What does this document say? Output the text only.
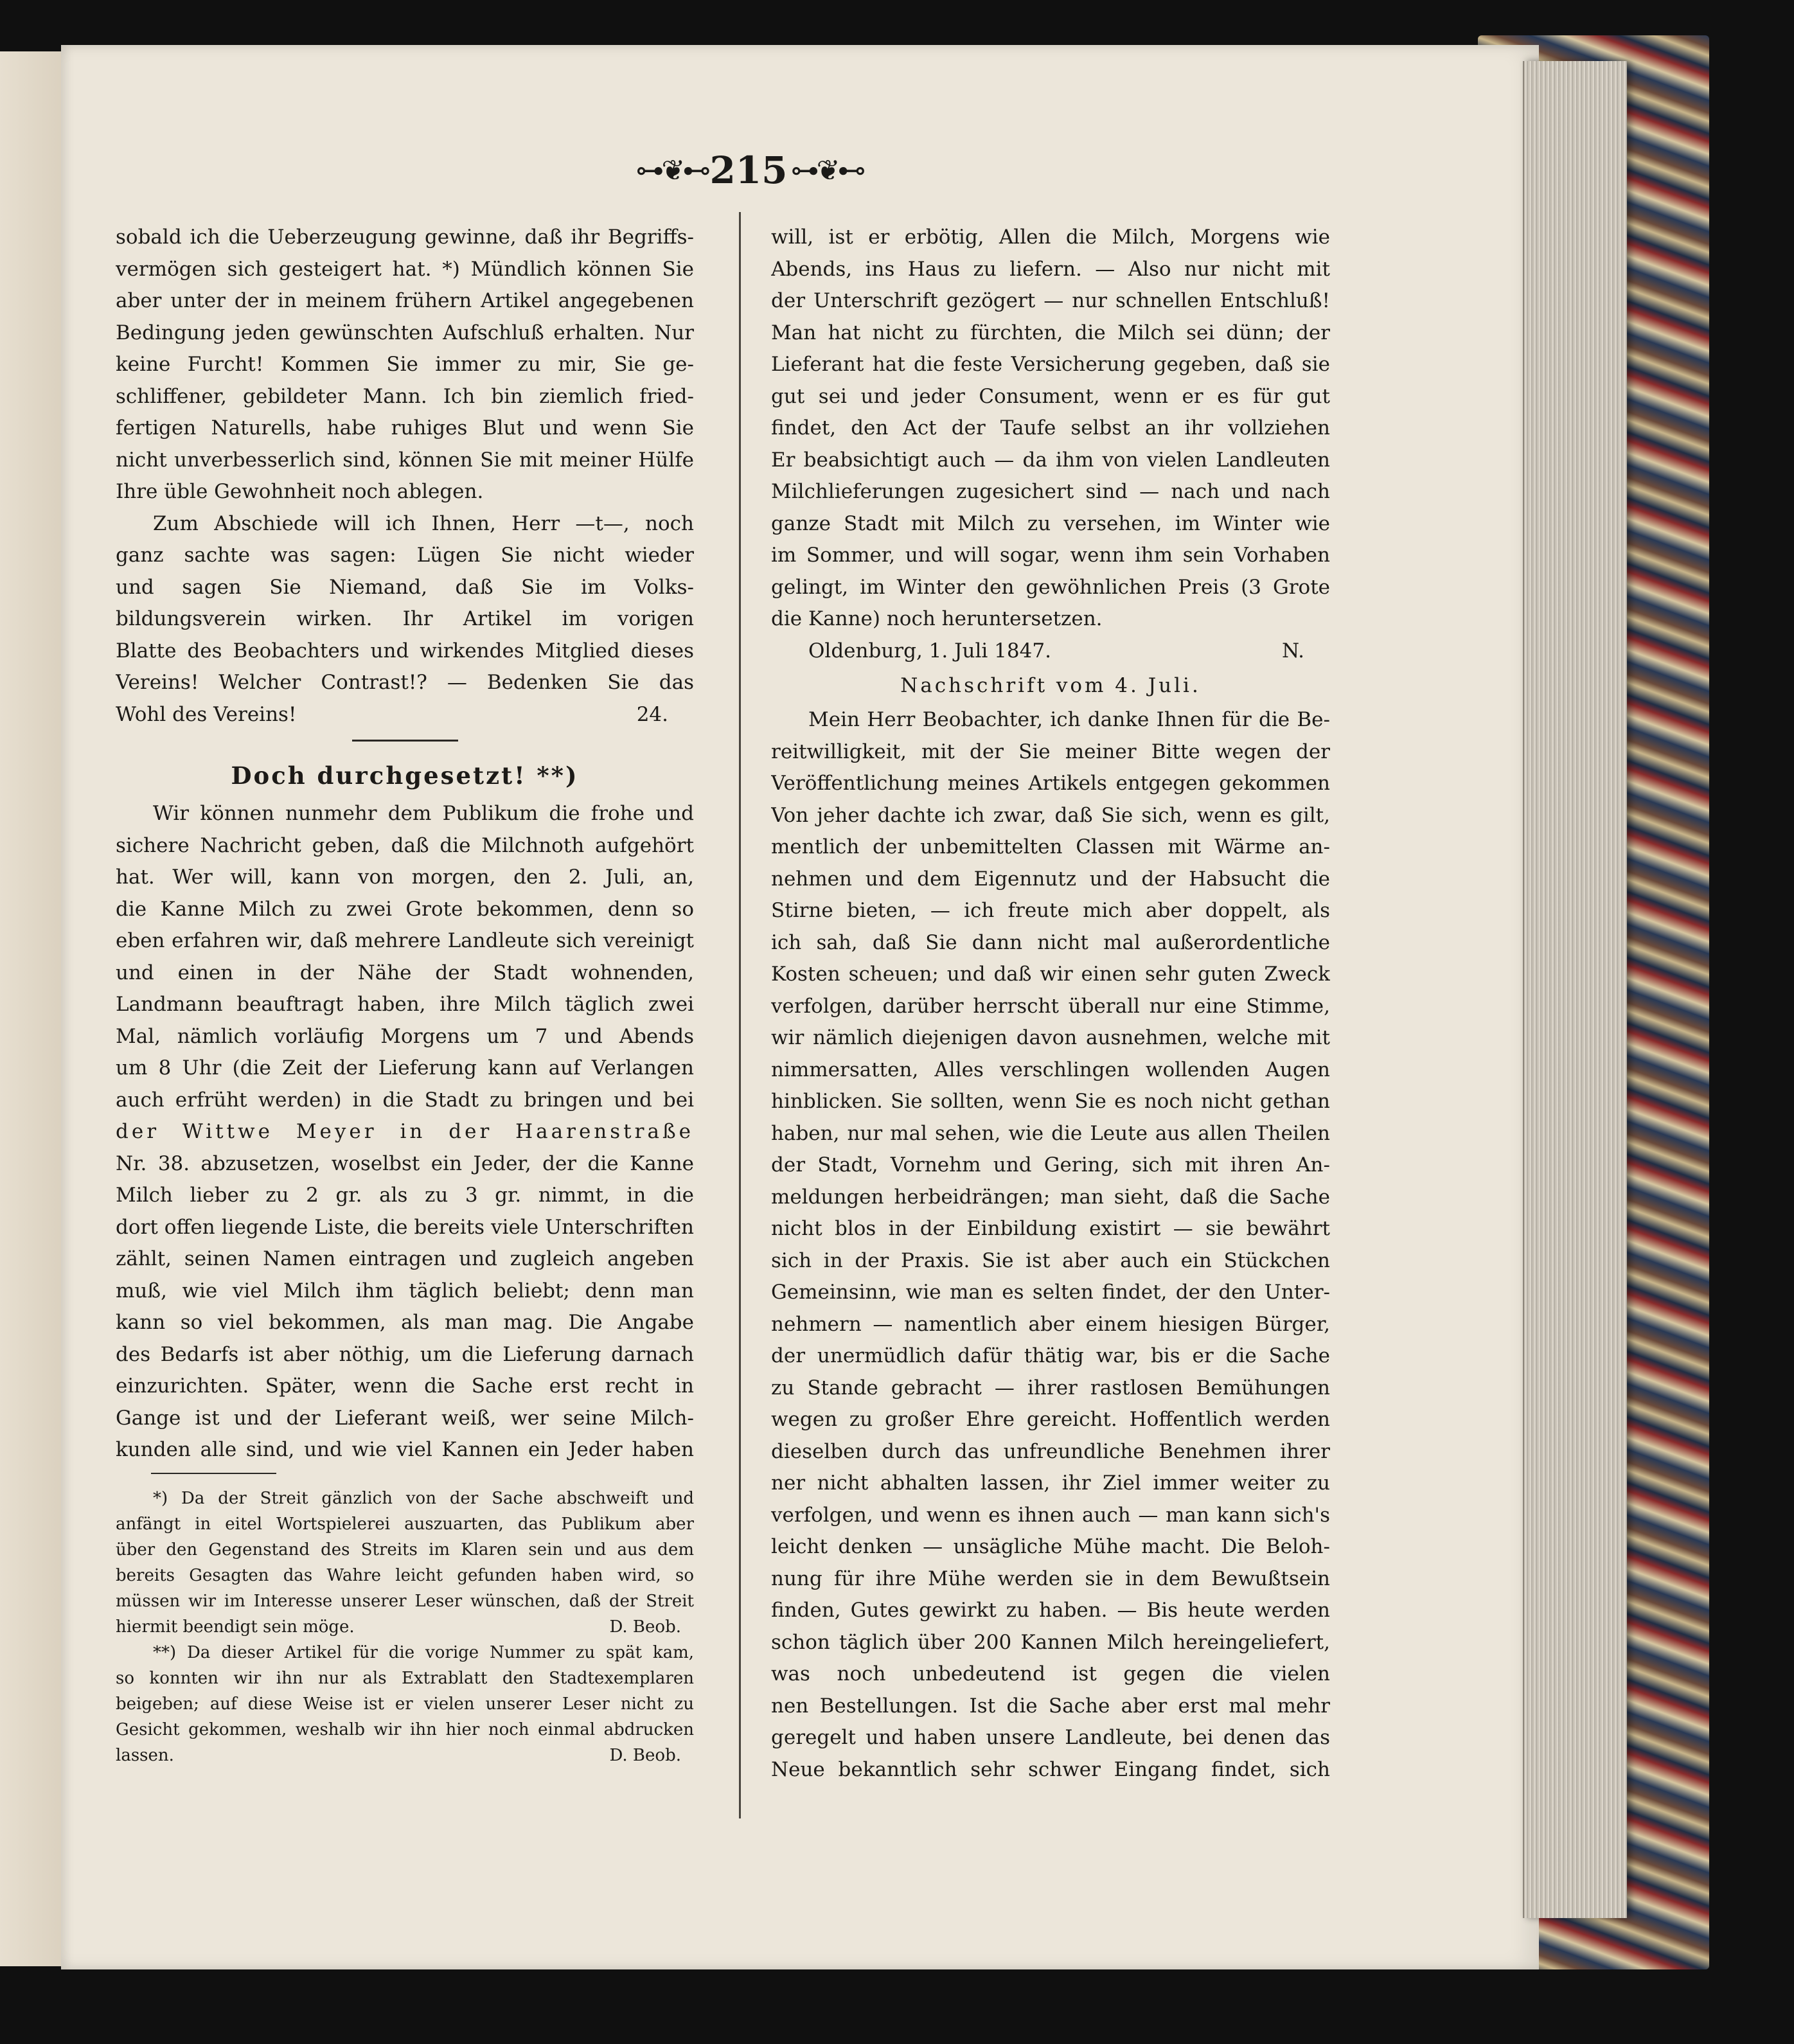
⊶❦⊷ 215 ⊶❦⊷
sobald ich die Ueberzeugung gewinne, daß ihr Begriffs-
vermögen sich gesteigert hat. *) Mündlich können Sie
aber unter der in meinem frühern Artikel angegebenen
Bedingung jeden gewünschten Aufschluß erhalten. Nur
keine Furcht! Kommen Sie immer zu mir, Sie ge-
schliffener, gebildeter Mann. Ich bin ziemlich fried-
fertigen Naturells, habe ruhiges Blut und wenn Sie
nicht unverbesserlich sind, können Sie mit meiner Hülfe
Ihre üble Gewohnheit noch ablegen.
Zum Abschiede will ich Ihnen, Herr —t—, noch
ganz sachte was sagen: Lügen Sie nicht wieder
und sagen Sie Niemand, daß Sie im Volks-
bildungsverein wirken. Ihr Artikel im vorigen
Blatte des Beobachters und wirkendes Mitglied dieses
Vereins! Welcher Contrast!? — Bedenken Sie das
Wohl des Vereins!	24.
Doch durchgesetzt! **)
Wir können nunmehr dem Publikum die frohe und
sichere Nachricht geben, daß die Milchnoth aufgehört
hat. Wer will, kann von morgen, den 2. Juli, an,
die Kanne Milch zu zwei Grote bekommen, denn so
eben erfahren wir, daß mehrere Landleute sich vereinigt
und einen in der Nähe der Stadt wohnenden,
Landmann beauftragt haben, ihre Milch täglich zwei
Mal, nämlich vorläufig Morgens um 7 und Abends
um 8 Uhr (die Zeit der Lieferung kann auf Verlangen
auch erfrüht werden) in die Stadt zu bringen und bei
der Wittwe Meyer in der Haarenstraße
Nr. 38. abzusetzen, woselbst ein Jeder, der die Kanne
Milch lieber zu 2 gr. als zu 3 gr. nimmt, in die
dort offen liegende Liste, die bereits viele Unterschriften
zählt, seinen Namen eintragen und zugleich angeben
muß, wie viel Milch ihm täglich beliebt; denn man
kann so viel bekommen, als man mag. Die Angabe
des Bedarfs ist aber nöthig, um die Lieferung darnach
einzurichten. Später, wenn die Sache erst recht in
Gange ist und der Lieferant weiß, wer seine Milch-
kunden alle sind, und wie viel Kannen ein Jeder haben
*) Da der Streit gänzlich von der Sache abschweift und
anfängt in eitel Wortspielerei auszuarten, das Publikum aber
über den Gegenstand des Streits im Klaren sein und aus dem
bereits Gesagten das Wahre leicht gefunden haben wird, so
müssen wir im Interesse unserer Leser wünschen, daß der Streit
hiermit beendigt sein möge.	D. Beob.
**) Da dieser Artikel für die vorige Nummer zu spät kam,
so konnten wir ihn nur als Extrablatt den Stadtexemplaren
beigeben; auf diese Weise ist er vielen unserer Leser nicht zu
Gesicht gekommen, weshalb wir ihn hier noch einmal abdrucken
lassen.	D. Beob.
will, ist er erbötig, Allen die Milch, Morgens wie
Abends, ins Haus zu liefern. — Also nur nicht mit
der Unterschrift gezögert — nur schnellen Entschluß!
Man hat nicht zu fürchten, die Milch sei dünn; der
Lieferant hat die feste Versicherung gegeben, daß sie
gut sei und jeder Consument, wenn er es für gut
findet, den Act der Taufe selbst an ihr vollziehen
Er beabsichtigt auch — da ihm von vielen Landleuten
Milchlieferungen zugesichert sind — nach und nach
ganze Stadt mit Milch zu versehen, im Winter wie
im Sommer, und will sogar, wenn ihm sein Vorhaben
gelingt, im Winter den gewöhnlichen Preis (3 Grote
die Kanne) noch heruntersetzen.
Oldenburg, 1. Juli 1847.	N.
Nachschrift vom 4. Juli.
Mein Herr Beobachter, ich danke Ihnen für die Be-
reitwilligkeit, mit der Sie meiner Bitte wegen der
Veröffentlichung meines Artikels entgegen gekommen
Von jeher dachte ich zwar, daß Sie sich, wenn es gilt,
mentlich der unbemittelten Classen mit Wärme an-
nehmen und dem Eigennutz und der Habsucht die
Stirne bieten, — ich freute mich aber doppelt, als
ich sah, daß Sie dann nicht mal außerordentliche
Kosten scheuen; und daß wir einen sehr guten Zweck
verfolgen, darüber herrscht überall nur eine Stimme,
wir nämlich diejenigen davon ausnehmen, welche mit
nimmersatten, Alles verschlingen wollenden Augen
hinblicken. Sie sollten, wenn Sie es noch nicht gethan
haben, nur mal sehen, wie die Leute aus allen Theilen
der Stadt, Vornehm und Gering, sich mit ihren An-
meldungen herbeidrängen; man sieht, daß die Sache
nicht blos in der Einbildung existirt — sie bewährt
sich in der Praxis. Sie ist aber auch ein Stückchen
Gemeinsinn, wie man es selten findet, der den Unter-
nehmern — namentlich aber einem hiesigen Bürger,
der unermüdlich dafür thätig war, bis er die Sache
zu Stande gebracht — ihrer rastlosen Bemühungen
wegen zu großer Ehre gereicht. Hoffentlich werden
dieselben durch das unfreundliche Benehmen ihrer
ner nicht abhalten lassen, ihr Ziel immer weiter zu
verfolgen, und wenn es ihnen auch — man kann sich's
leicht denken — unsägliche Mühe macht. Die Beloh-
nung für ihre Mühe werden sie in dem Bewußtsein
finden, Gutes gewirkt zu haben. — Bis heute werden
schon täglich über 200 Kannen Milch hereingeliefert,
was noch unbedeutend ist gegen die vielen
nen Bestellungen. Ist die Sache aber erst mal mehr
geregelt und haben unsere Landleute, bei denen das
Neue bekanntlich sehr schwer Eingang findet, sich
